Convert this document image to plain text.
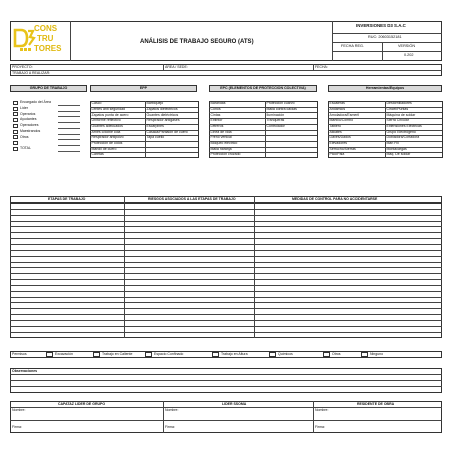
CONS
TRU
TORES
ANÁLISIS DE TRABAJO SEGURO (ATS)
INVERSIONES D3 S.A.C
RUC: 20603152181
FECHA REG.	VERSIÓN
0.202
PROYECTO:	ÁREA / SEDE:	FECHA:
TRABAJO A REALIZAR:
GRUPO DE TRABAJO	EPP	EPC (ELEMENTOS DE PROTECCION COLECTIVA)	Herramientas/Equipos
ETAPAS DE TRABAJO	RIESGOS ASOCIADOS A LAS ETAPAS DE TRABAJO	MEDIDAS DE CONTROL PARA NO ACCIDENTARSE
Permisos
Observaciones
CAPATAZ LIDER DE GRUPO	LIDER SSOMA	RESIDENTE DE OBRA
Nombre:	Nombre:	Nombre:
Firma:	Firma:	Firma:
Encargado del Área
Líder
Operarios
Ayudantes
Operadores
Maestrandos
Otros
TOTAL
Casco	Barbiquejo
Lentes anti seguridad	Zapatos dieléctricos
Zapatos punta de acero	Guantes dieléctricos
Uniforme reflectivo	Respirador antigases
Guantes adecuados	Escarpines
Arnés c/doble cola	Casaca/Pantalón de cuero
Respirador antipolvo	Tapa cuello
Protección de oídos
Mandil de cuero
Caretas
Barandas	Protección cuarvo
Conos	Malla contra caídas
Cintas	Iluminación
Extintor	Tranqueras
Letreros	Controlador
Línea de vida
Frenó vertical
Bloqueo eléctrico
Malla naranja
Protección cruzado
Escaleras	Destornilladores
Andamios	Cincel/Puntas
Amoladora/Esmeril	Máquina de soldar
Martillo/Combo	Sierra Circular
Tablero	Extensiones Eléctricas
Alicates	Grupo Electrógeno
Llaves/Dados	Dobladora/Cortadora
Elevadores	Man Fill
Serrucho/Sierras	Montacargas
Pico/Pala	Maq. De soldar
Excavación	Trabajo en Caliente	Espacio Confinado	Trabajo en Altura	Químicos	Otros	Ninguno
